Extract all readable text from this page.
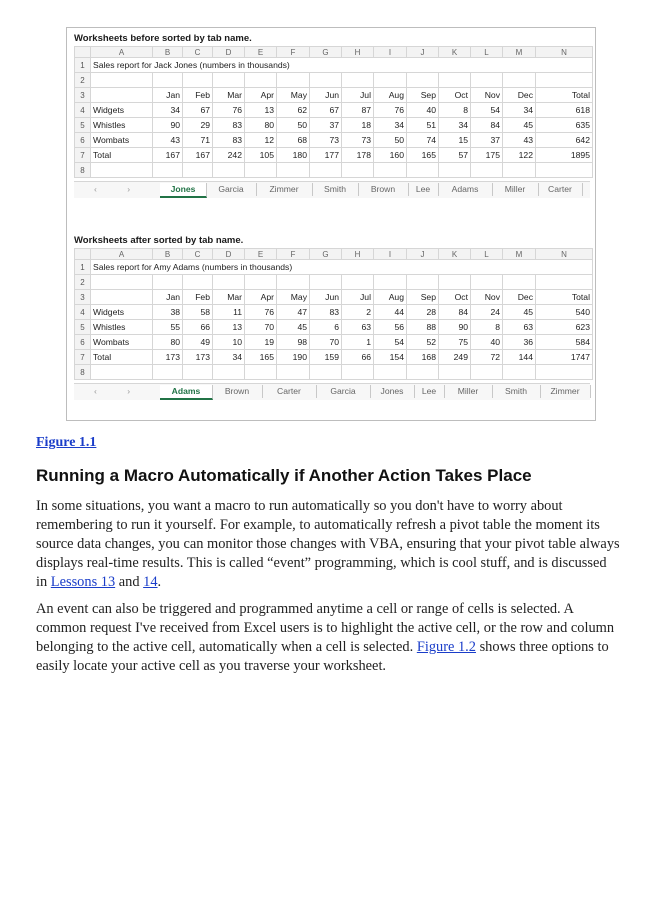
Worksheets before sorted by tab name.
	A	B	C	D	E	F	G	H	I	J	K	L	M	N
1	Sales report for Jack Jones (numbers in thousands)													
2														
3		Jan	Feb	Mar	Apr	May	Jun	Jul	Aug	Sep	Oct	Nov	Dec	Total
4	Widgets	34	67	76	13	62	67	87	76	40	8	54	34	618
5	Whistles	90	29	83	80	50	37	18	34	51	34	84	45	635
6	Wombats	43	71	83	12	68	73	73	50	74	15	37	43	642
7	Total	167	167	242	105	180	177	178	160	165	57	175	122	1895
8														
‹ ›	Jones	Garcia	Zimmer	Smith	Brown	Lee	Adams	Miller	Carter
Worksheets after sorted by tab name.
	A	B	C	D	E	F	G	H	I	J	K	L	M	N
1	Sales report for Amy Adams (numbers in thousands)													
2														
3		Jan	Feb	Mar	Apr	May	Jun	Jul	Aug	Sep	Oct	Nov	Dec	Total
4	Widgets	38	58	11	76	47	83	2	44	28	84	24	45	540
5	Whistles	55	66	13	70	45	6	63	56	88	90	8	63	623
6	Wombats	80	49	10	19	98	70	1	54	52	75	40	36	584
7	Total	173	173	34	165	190	159	66	154	168	249	72	144	1747
8														
‹ ›	Adams	Brown	Carter	Garcia	Jones	Lee	Miller	Smith	Zimmer
Figure 1.1
Running a Macro Automatically if Another Action Takes Place

In some situations, you want a macro to run automatically so you don't have to worry about remembering to run it yourself. For example, to automatically refresh a pivot table the moment its source data changes, you can monitor those changes with VBA, ensuring that your pivot table always displays real-time results. This is called “event” programming, which is cool stuff, and is discussed in Lessons 13 and 14.

An event can also be triggered and programmed anytime a cell or range of cells is selected. A common request I've received from Excel users is to highlight the active cell, or the row and column belonging to the active cell, automatically when a cell is selected. Figure 1.2 shows three options to easily locate your active cell as you traverse your worksheet.
